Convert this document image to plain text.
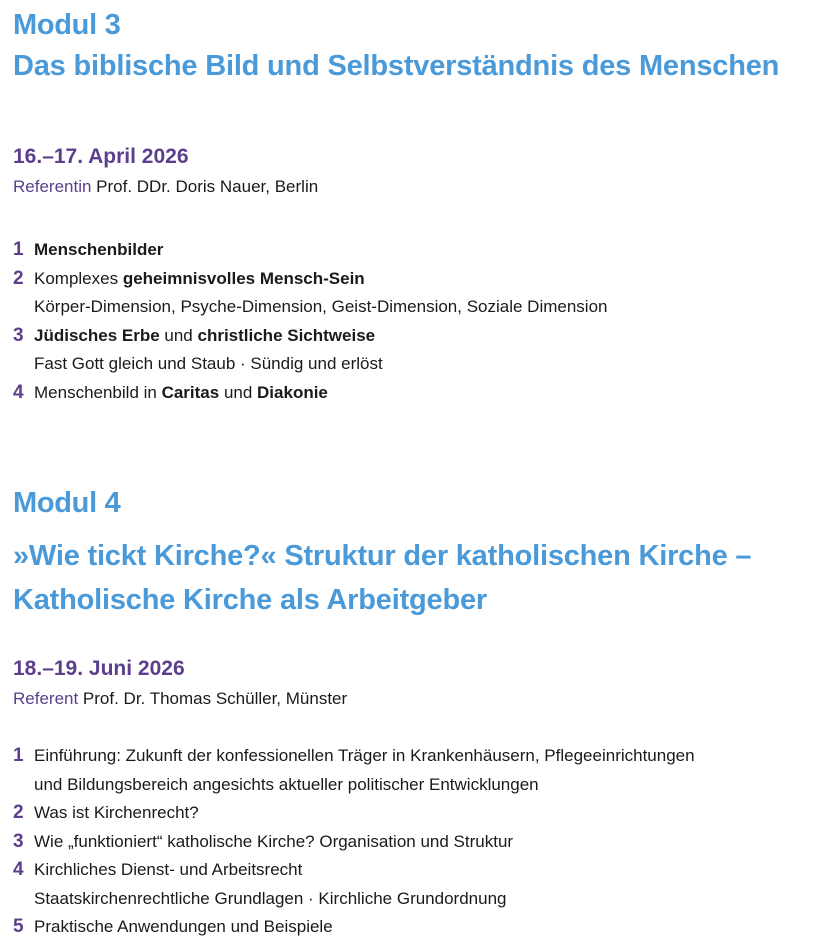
Modul 3
Das biblische Bild und Selbstverständnis des Menschen

16.–17. April 2026

Referentin Prof. DDr. Doris Nauer, Berlin

1 Menschenbilder
2 Komplexes geheimnisvolles Mensch-Sein
Körper-Dimension, Psyche-Dimension, Geist-Dimension, Soziale Dimension
3 Jüdisches Erbe und christliche Sichtweise
Fast Gott gleich und Staub · Sündig und erlöst
4 Menschenbild in Caritas und Diakonie
Modul 4
»Wie tickt Kirche?« Struktur der katholischen Kirche –
Katholische Kirche als Arbeitgeber

18.–19. Juni 2026

Referent Prof. Dr. Thomas Schüller, Münster

1 Einführung: Zukunft der konfessionellen Träger in Krankenhäusern, Pflegeeinrichtungen
und Bildungsbereich angesichts aktueller politischer Entwicklungen
2 Was ist Kirchenrecht?
3 Wie „funktioniert“ katholische Kirche? Organisation und Struktur
4 Kirchliches Dienst- und Arbeitsrecht
Staatskirchenrechtliche Grundlagen · Kirchliche Grundordnung
5 Praktische Anwendungen und Beispiele
